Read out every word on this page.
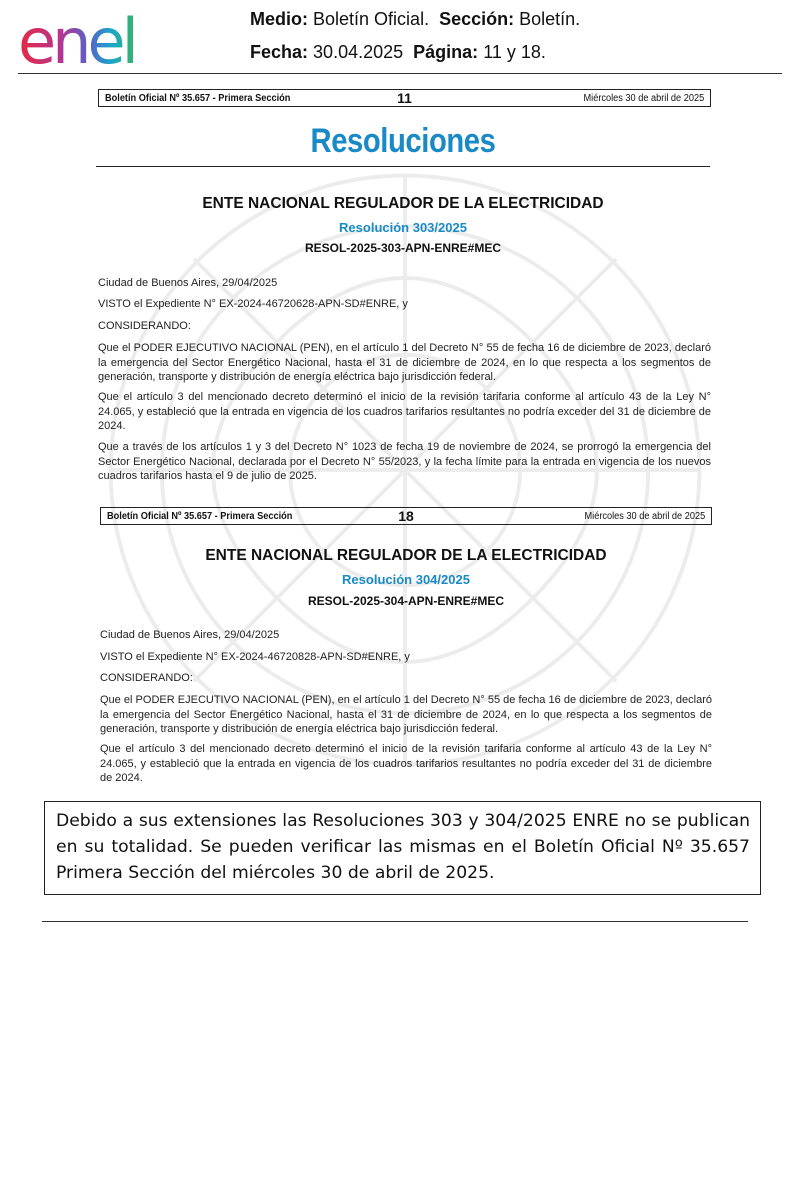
enel	Medio: Boletín Oficial. Sección: Boletín.
Fecha: 30.04.2025 Página: 11 y 18.
Boletín Oficial Nº 35.657 - Primera Sección	11	Miércoles 30 de abril de 2025
Resoluciones
ENTE NACIONAL REGULADOR DE LA ELECTRICIDAD
Resolución 303/2025
RESOL-2025-303-APN-ENRE#MEC
Ciudad de Buenos Aires, 29/04/2025
VISTO el Expediente N° EX-2024-46720628-APN-SD#ENRE, y
CONSIDERANDO:
Que el PODER EJECUTIVO NACIONAL (PEN), en el artículo 1 del Decreto N° 55 de fecha 16 de diciembre de 2023, declaró la emergencia del Sector Energético Nacional, hasta el 31 de diciembre de 2024, en lo que respecta a los segmentos de generación, transporte y distribución de energía eléctrica bajo jurisdicción federal.
Que el artículo 3 del mencionado decreto determinó el inicio de la revisión tarifaria conforme al artículo 43 de la Ley N° 24.065, y estableció que la entrada en vigencia de los cuadros tarifarios resultantes no podría exceder del 31 de diciembre de 2024.
Que a través de los artículos 1 y 3 del Decreto N° 1023 de fecha 19 de noviembre de 2024, se prorrogó la emergencia del Sector Energético Nacional, declarada por el Decreto N° 55/2023, y la fecha límite para la entrada en vigencia de los nuevos cuadros tarifarios hasta el 9 de julio de 2025.
Boletín Oficial Nº 35.657 - Primera Sección	18	Miércoles 30 de abril de 2025
ENTE NACIONAL REGULADOR DE LA ELECTRICIDAD
Resolución 304/2025
RESOL-2025-304-APN-ENRE#MEC
Ciudad de Buenos Aires, 29/04/2025
VISTO el Expediente N° EX-2024-46720828-APN-SD#ENRE, y
CONSIDERANDO:
Que el PODER EJECUTIVO NACIONAL (PEN), en el artículo 1 del Decreto N° 55 de fecha 16 de diciembre de 2023, declaró la emergencia del Sector Energético Nacional, hasta el 31 de diciembre de 2024, en lo que respecta a los segmentos de generación, transporte y distribución de energía eléctrica bajo jurisdicción federal.
Que el artículo 3 del mencionado decreto determinó el inicio de la revisión tarifaria conforme al artículo 43 de la Ley N° 24.065, y estableció que la entrada en vigencia de los cuadros tarifarios resultantes no podría exceder del 31 de diciembre de 2024.
Debido a sus extensiones las Resoluciones 303 y 304/2025 ENRE no se publican en su totalidad. Se pueden verificar las mismas en el Boletín Oficial Nº 35.657 Primera Sección del miércoles 30 de abril de 2025.
